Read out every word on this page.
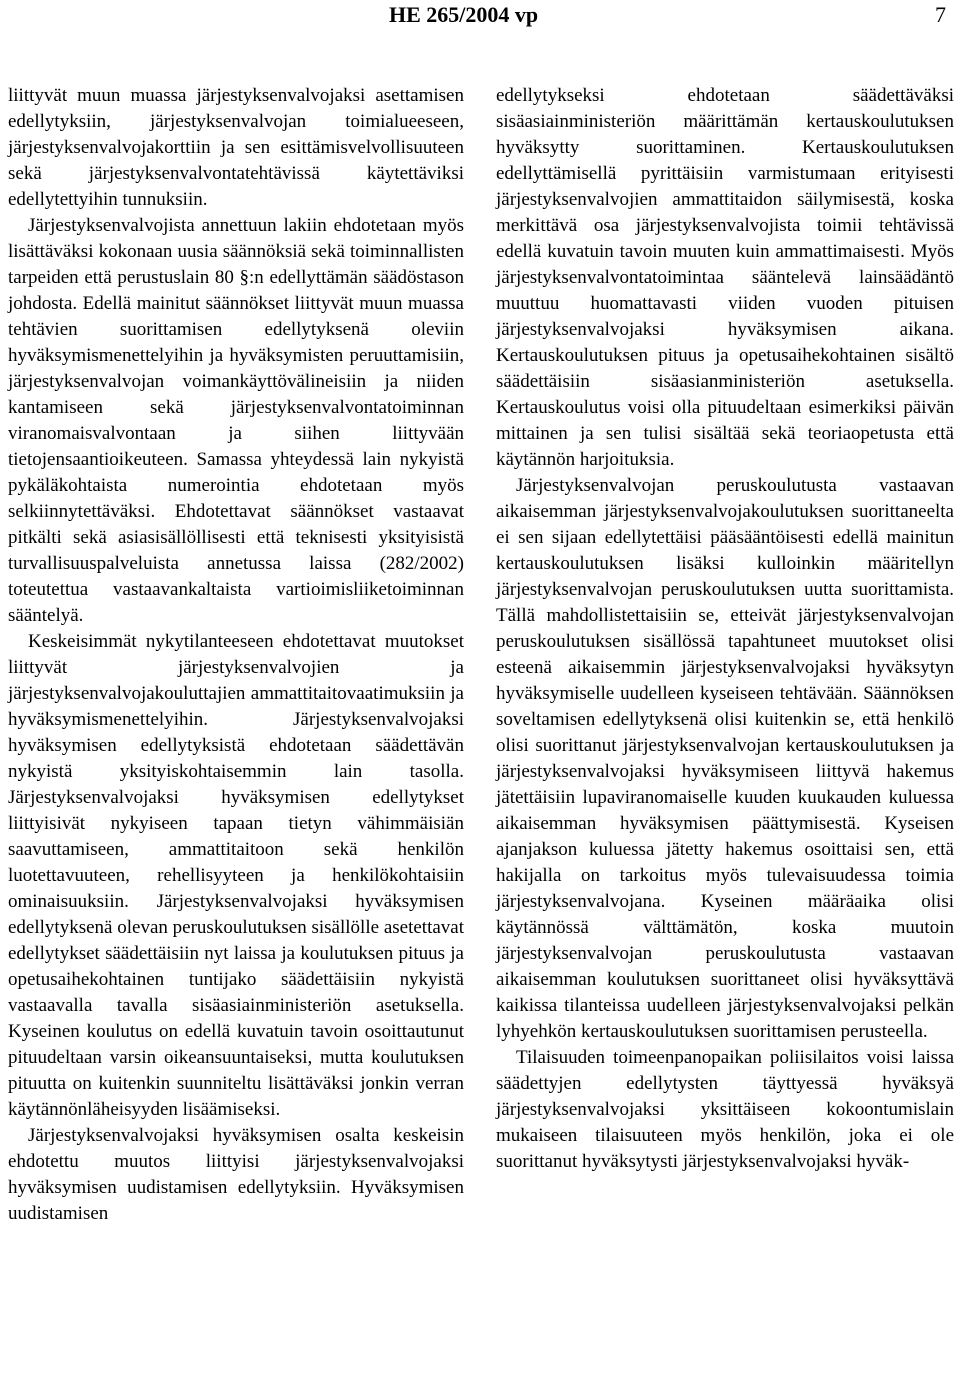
HE 265/2004 vp	7

liittyvät muun muassa järjestyksenvalvojaksi asettamisen edellytyksiin, järjestyksenvalvojan toimialueeseen, järjestyksenvalvojakorttiin ja sen esittämisvelvollisuuteen sekä järjestyksenvalvontatehtävissä käytettäviksi edellytettyihin tunnuksiin.

Järjestyksenvalvojista annettuun lakiin ehdotetaan myös lisättäväksi kokonaan uusia säännöksiä sekä toiminnallisten tarpeiden että perustuslain 80 §:n edellyttämän säädöstason johdosta. Edellä mainitut säännökset liittyvät muun muassa tehtävien suorittamisen edellytyksenä oleviin hyväksymismenettelyihin ja hyväksymisten peruuttamisiin, järjestyksenvalvojan voimankäyttövälineisiin ja niiden kantamiseen sekä järjestyksenvalvontatoiminnan viranomaisvalvontaan ja siihen liittyvään tietojensaantioikeuteen. Samassa yhteydessä lain nykyistä pykäläkohtaista numerointia ehdotetaan myös selkiinnytettäväksi. Ehdotettavat säännökset vastaavat pitkälti sekä asiasisällöllisesti että teknisesti yksityisistä turvallisuuspalveluista annetussa laissa (282/2002) toteutettua vastaavankaltaista vartioimisliiketoiminnan sääntelyä.

Keskeisimmät nykytilanteeseen ehdotettavat muutokset liittyvät järjestyksenvalvojien ja järjestyksenvalvojakouluttajien ammattitaitovaatimuksiin ja hyväksymismenettelyihin. Järjestyksenvalvojaksi hyväksymisen edellytyksistä ehdotetaan säädettävän nykyistä yksityiskohtaisemmin lain tasolla. Järjestyksenvalvojaksi hyväksymisen edellytykset liittyisivät nykyiseen tapaan tietyn vähimmäisiän saavuttamiseen, ammattitaitoon sekä henkilön luotettavuuteen, rehellisyyteen ja henkilökohtaisiin ominaisuuksiin. Järjestyksenvalvojaksi hyväksymisen edellytyksenä olevan peruskoulutuksen sisällölle asetettavat edellytykset säädettäisiin nyt laissa ja koulutuksen pituus ja opetusaihekohtainen tuntijako säädettäisiin nykyistä vastaavalla tavalla sisäasiainministeriön asetuksella. Kyseinen koulutus on edellä kuvatuin tavoin osoittautunut pituudeltaan varsin oikeansuuntaiseksi, mutta koulutuksen pituutta on kuitenkin suunniteltu lisättäväksi jonkin verran käytännönläheisyyden lisäämiseksi.

Järjestyksenvalvojaksi hyväksymisen osalta keskeisin ehdotettu muutos liittyisi järjestyksenvalvojaksi hyväksymisen uudistamisen edellytyksiin. Hyväksymisen uudistamisen

edellytykseksi ehdotetaan säädettäväksi sisäasiainministeriön määrittämän kertauskoulutuksen hyväksytty suorittaminen. Kertauskoulutuksen edellyttämisellä pyrittäisiin varmistumaan erityisesti järjestyksenvalvojien ammattitaidon säilymisestä, koska merkittävä osa järjestyksenvalvojista toimii tehtävissä edellä kuvatuin tavoin muuten kuin ammattimaisesti. Myös järjestyksenvalvontatoimintaa sääntelevä lainsäädäntö muuttuu huomattavasti viiden vuoden pituisen järjestyksenvalvojaksi hyväksymisen aikana. Kertauskoulutuksen pituus ja opetusaihekohtainen sisältö säädettäisiin sisäasianministeriön asetuksella. Kertauskoulutus voisi olla pituudeltaan esimerkiksi päivän mittainen ja sen tulisi sisältää sekä teoriaopetusta että käytännön harjoituksia.

Järjestyksenvalvojan peruskoulutusta vastaavan aikaisemman järjestyksenvalvojakoulutuksen suorittaneelta ei sen sijaan edellytettäisi pääsääntöisesti edellä mainitun kertauskoulutuksen lisäksi kulloinkin määritellyn järjestyksenvalvojan peruskoulutuksen uutta suorittamista. Tällä mahdollistettaisiin se, etteivät järjestyksenvalvojan peruskoulutuksen sisällössä tapahtuneet muutokset olisi esteenä aikaisemmin järjestyksenvalvojaksi hyväksytyn hyväksymiselle uudelleen kyseiseen tehtävään. Säännöksen soveltamisen edellytyksenä olisi kuitenkin se, että henkilö olisi suorittanut järjestyksenvalvojan kertauskoulutuksen ja järjestyksenvalvojaksi hyväksymiseen liittyvä hakemus jätettäisiin lupaviranomaiselle kuuden kuukauden kuluessa aikaisemman hyväksymisen päättymisestä. Kyseisen ajanjakson kuluessa jätetty hakemus osoittaisi sen, että hakijalla on tarkoitus myös tulevaisuudessa toimia järjestyksenvalvojana. Kyseinen määräaika olisi käytännössä välttämätön, koska muutoin järjestyksenvalvojan peruskoulutusta vastaavan aikaisemman koulutuksen suorittaneet olisi hyväksyttävä kaikissa tilanteissa uudelleen järjestyksenvalvojaksi pelkän lyhyehkön kertauskoulutuksen suorittamisen perusteella.

Tilaisuuden toimeenpanopaikan poliisilaitos voisi laissa säädettyjen edellytysten täyttyessä hyväksyä järjestyksenvalvojaksi yksittäiseen kokoontumislain mukaiseen tilaisuuteen myös henkilön, joka ei ole suorittanut hyväksytysti järjestyksenvalvojaksi hyväk-
